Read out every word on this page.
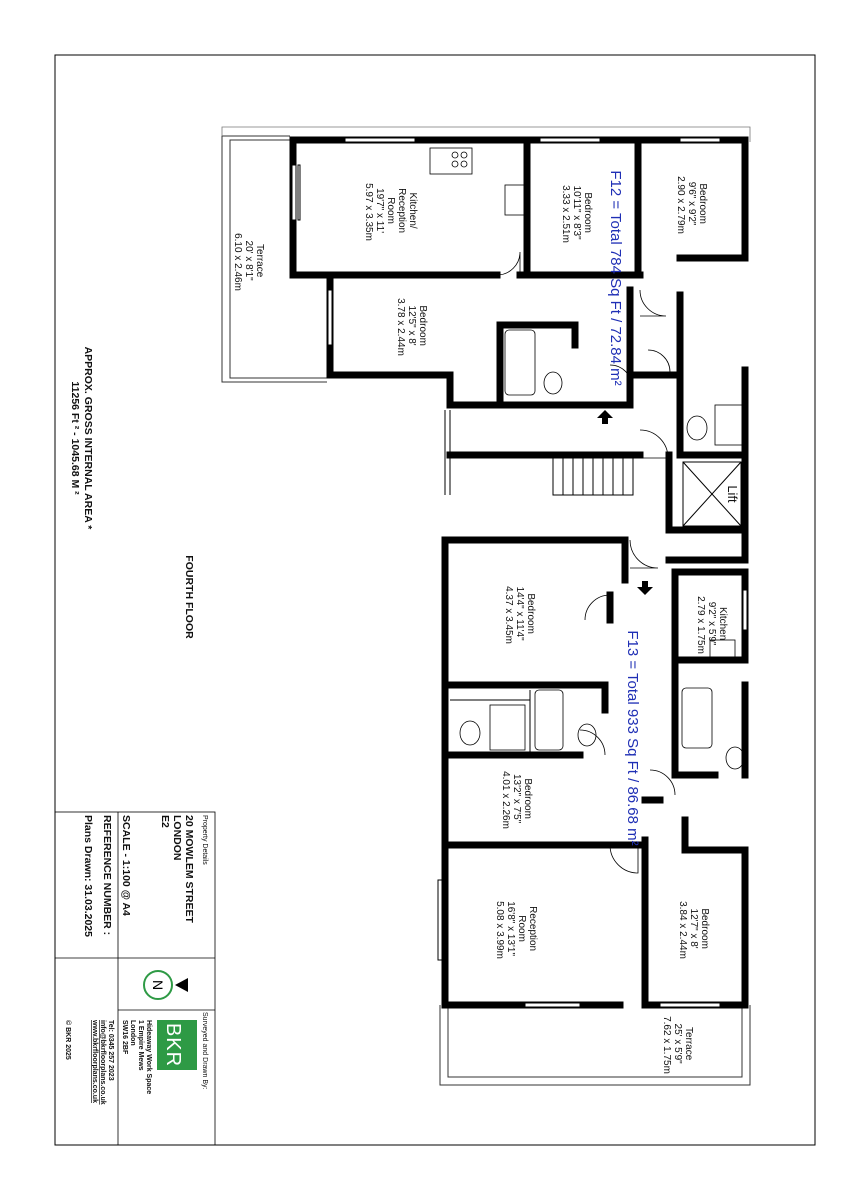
Terrace 20' x 8'1" 6.10 x 2.46m
Kitchen/ Reception Room 19'7" x 11' 5.97 x 3.35m	Bedroom 10'11" x 8'3" 3.33 x 2.51m	Bedroom 9'6" x 9'2" 2.90 x 2.79m
Bedroom 12'5" x 8' 3.78 x 2.44m
Lift
Bedroom 14'4" x 11'4" 4.37 x 3.45m	Kitchen 9'2" x 5'9" 2.79 x 1.75m
Bedroom 13'2" x 7'5" 4.01 x 2.26m
Reception Room 16'8" x 13'1" 5.08 x 3.99m	Bedroom 12'7" x 8' 3.84 x 2.44m
Terrace 25' x 5'9" 7.62 x 1.75m
F12 = Total 784 Sq Ft / 72.84 m²
F13 = Total 933 Sq Ft / 86.68 m²
FOURTH FLOOR
APPROX. GROSS INTERNAL AREA *
11256 Ft ² - 1045.68 M ²
Property Details
20 MOWLEM STREET
LONDON
E2
SCALE - 1:100 @ A4
REFERENCE NUMBER :
Plans Drawn: 31.03.2025
N
Surveyed and Drawn By:
BKR
Hideaway Work Space
1 Empire Mews
London
SW16 2BF
Tel: 0345 257 2023
info@bkrfloorplans.co.uk
www.bkrfloorplans.co.uk
© BKR 2025
